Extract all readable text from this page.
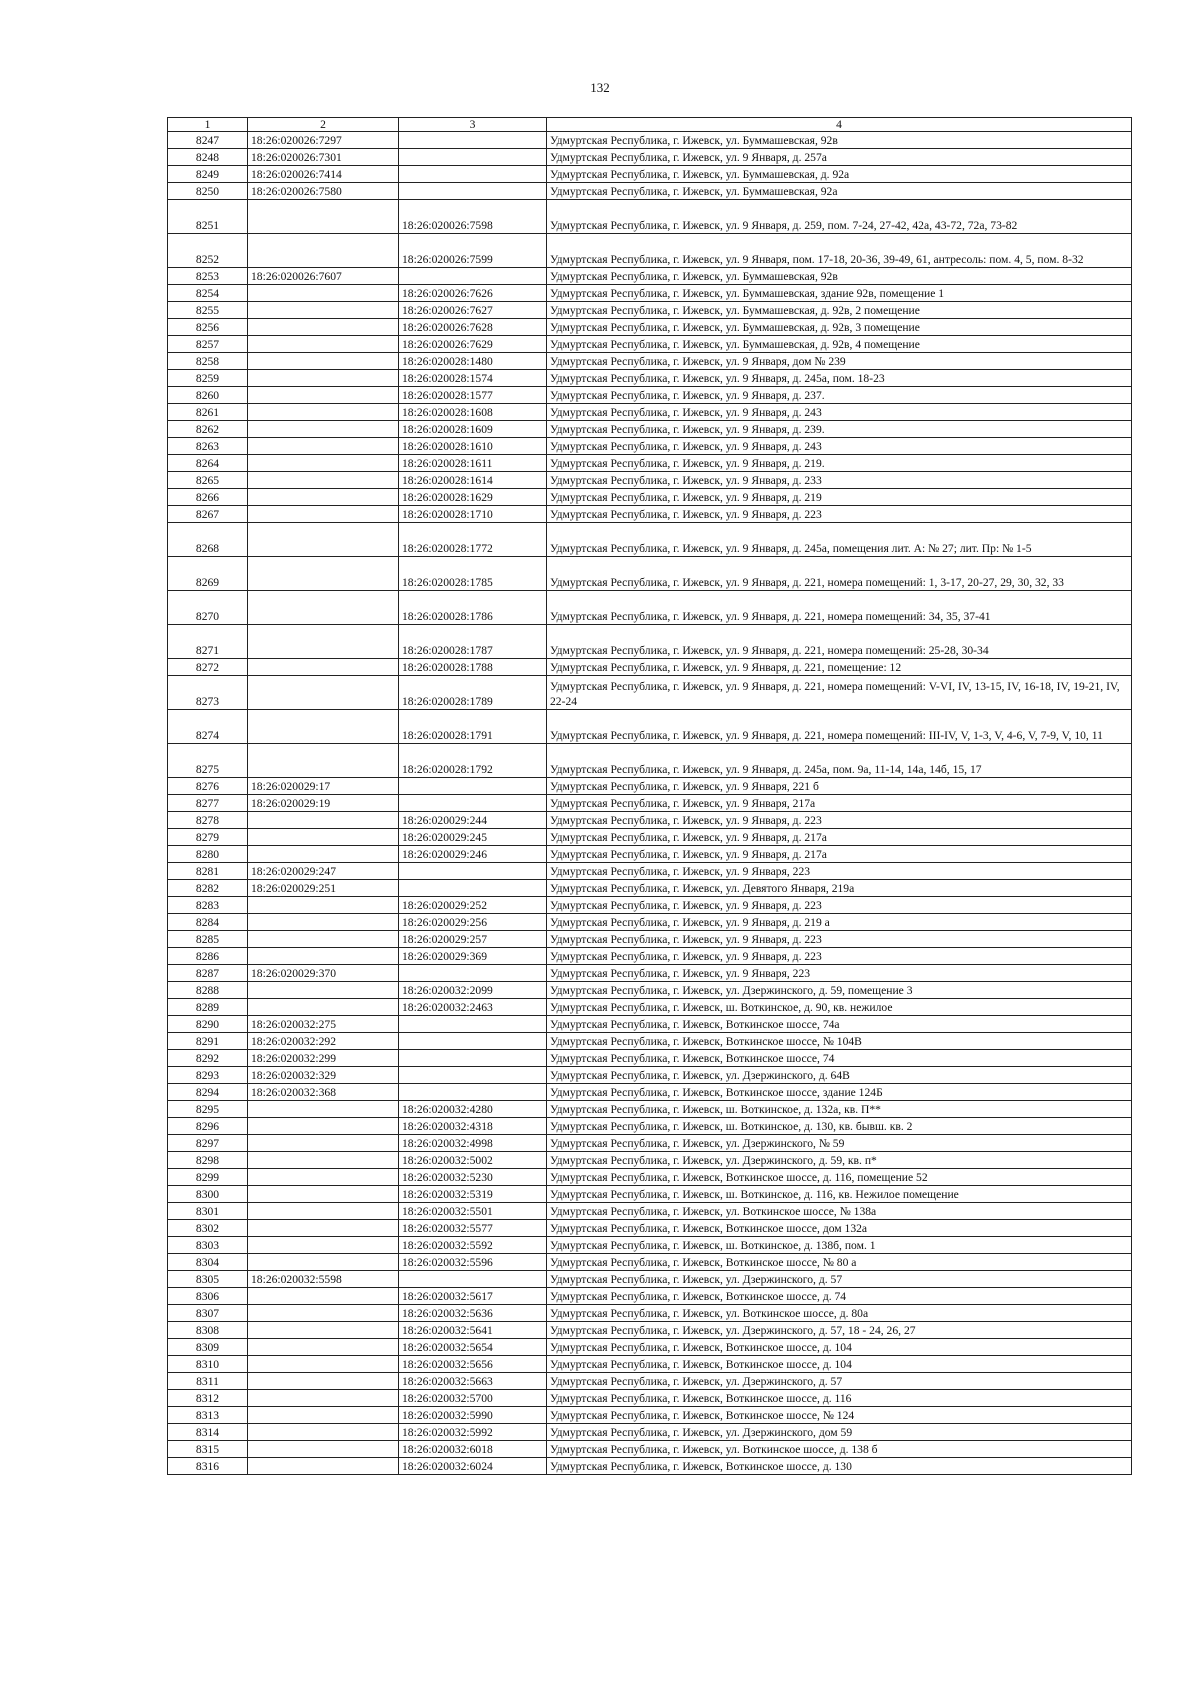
132
1	2	3	4
8247	18:26:020026:7297		Удмуртская Республика, г. Ижевск, ул. Буммашевская, 92в
8248	18:26:020026:7301		Удмуртская Республика, г. Ижевск, ул. 9 Января, д. 257а
8249	18:26:020026:7414		Удмуртская Республика, г. Ижевск, ул. Буммашевская, д. 92а
8250	18:26:020026:7580		Удмуртская Республика, г. Ижевск, ул. Буммашевская, 92а
8251		18:26:020026:7598	Удмуртская Республика, г. Ижевск, ул. 9 Января, д. 259, пом. 7-24, 27-42, 42а, 43-72, 72а, 73-82
8252		18:26:020026:7599	Удмуртская Республика, г. Ижевск, ул. 9 Января, пом. 17-18, 20-36, 39-49, 61, антресоль: пом. 4, 5, пом. 8-32
8253	18:26:020026:7607		Удмуртская Республика, г. Ижевск, ул. Буммашевская, 92в
8254		18:26:020026:7626	Удмуртская Республика, г. Ижевск, ул. Буммашевская, здание 92в, помещение 1
8255		18:26:020026:7627	Удмуртская Республика, г. Ижевск, ул. Буммашевская, д. 92в, 2 помещение
8256		18:26:020026:7628	Удмуртская Республика, г. Ижевск, ул. Буммашевская, д. 92в, 3 помещение
8257		18:26:020026:7629	Удмуртская Республика, г. Ижевск, ул. Буммашевская, д. 92в, 4 помещение
8258		18:26:020028:1480	Удмуртская Республика, г. Ижевск, ул. 9 Января, дом № 239
8259		18:26:020028:1574	Удмуртская Республика, г. Ижевск, ул. 9 Января, д. 245а, пом. 18-23
8260		18:26:020028:1577	Удмуртская Республика, г. Ижевск, ул. 9 Января, д. 237.
8261		18:26:020028:1608	Удмуртская Республика, г. Ижевск, ул. 9 Января, д. 243
8262		18:26:020028:1609	Удмуртская Республика, г. Ижевск, ул. 9 Января, д. 239.
8263		18:26:020028:1610	Удмуртская Республика, г. Ижевск, ул. 9 Января, д. 243
8264		18:26:020028:1611	Удмуртская Республика, г. Ижевск, ул. 9 Января, д. 219.
8265		18:26:020028:1614	Удмуртская Республика, г. Ижевск, ул. 9 Января, д. 233
8266		18:26:020028:1629	Удмуртская Республика, г. Ижевск, ул. 9 Января, д. 219
8267		18:26:020028:1710	Удмуртская Республика, г. Ижевск, ул. 9 Января, д. 223
8268		18:26:020028:1772	Удмуртская Республика, г. Ижевск, ул. 9 Января, д. 245а, помещения лит. А: № 27; лит. Пр: № 1-5
8269		18:26:020028:1785	Удмуртская Республика, г. Ижевск, ул. 9 Января, д. 221, номера помещений: 1, 3-17, 20-27, 29, 30, 32, 33
8270		18:26:020028:1786	Удмуртская Республика, г. Ижевск, ул. 9 Января, д. 221, номера помещений: 34, 35, 37-41
8271		18:26:020028:1787	Удмуртская Республика, г. Ижевск, ул. 9 Января, д. 221, номера помещений: 25-28, 30-34
8272		18:26:020028:1788	Удмуртская Республика, г. Ижевск, ул. 9 Января, д. 221, помещение: 12
8273		18:26:020028:1789	Удмуртская Республика, г. Ижевск, ул. 9 Января, д. 221, номера помещений: V-VI, IV, 13-15, IV, 16-18, IV, 19-21, IV, 22-24
8274		18:26:020028:1791	Удмуртская Республика, г. Ижевск, ул. 9 Января, д. 221, номера помещений: III-IV, V, 1-3, V, 4-6, V, 7-9, V, 10, 11
8275		18:26:020028:1792	Удмуртская Республика, г. Ижевск, ул. 9 Января, д. 245а, пом. 9а, 11-14, 14а, 14б, 15, 17
8276	18:26:020029:17		Удмуртская Республика, г. Ижевск, ул. 9 Января, 221 б
8277	18:26:020029:19		Удмуртская Республика, г. Ижевск, ул. 9 Января, 217а
8278		18:26:020029:244	Удмуртская Республика, г. Ижевск, ул. 9 Января, д. 223
8279		18:26:020029:245	Удмуртская Республика, г. Ижевск, ул. 9 Января, д. 217а
8280		18:26:020029:246	Удмуртская Республика, г. Ижевск, ул. 9 Января, д. 217а
8281	18:26:020029:247		Удмуртская Республика, г. Ижевск, ул. 9 Января, 223
8282	18:26:020029:251		Удмуртская Республика, г. Ижевск, ул. Девятого Января, 219а
8283		18:26:020029:252	Удмуртская Республика, г. Ижевск, ул. 9 Января, д. 223
8284		18:26:020029:256	Удмуртская Республика, г. Ижевск, ул. 9 Января, д. 219 а
8285		18:26:020029:257	Удмуртская Республика, г. Ижевск, ул. 9 Января, д. 223
8286		18:26:020029:369	Удмуртская Республика, г. Ижевск, ул. 9 Января, д. 223
8287	18:26:020029:370		Удмуртская Республика, г. Ижевск, ул. 9 Января, 223
8288		18:26:020032:2099	Удмуртская Республика, г. Ижевск, ул. Дзержинского, д. 59, помещение 3
8289		18:26:020032:2463	Удмуртская Республика, г. Ижевск, ш. Воткинское, д. 90, кв. нежилое
8290	18:26:020032:275		Удмуртская Республика, г. Ижевск, Воткинское шоссе, 74а
8291	18:26:020032:292		Удмуртская Республика, г. Ижевск, Воткинское шоссе, № 104В
8292	18:26:020032:299		Удмуртская Республика, г. Ижевск, Воткинское шоссе, 74
8293	18:26:020032:329		Удмуртская Республика, г. Ижевск, ул. Дзержинского, д. 64В
8294	18:26:020032:368		Удмуртская Республика, г. Ижевск, Воткинское шоссе, здание 124Б
8295		18:26:020032:4280	Удмуртская Республика, г. Ижевск, ш. Воткинское, д. 132а, кв. П**
8296		18:26:020032:4318	Удмуртская Республика, г. Ижевск, ш. Воткинское, д. 130, кв. бывш. кв. 2
8297		18:26:020032:4998	Удмуртская Республика, г. Ижевск, ул. Дзержинского, № 59
8298		18:26:020032:5002	Удмуртская Республика, г. Ижевск, ул. Дзержинского, д. 59, кв. п*
8299		18:26:020032:5230	Удмуртская Республика, г. Ижевск, Воткинское шоссе, д. 116, помещение 52
8300		18:26:020032:5319	Удмуртская Республика, г. Ижевск, ш. Воткинское, д. 116, кв. Нежилое помещение
8301		18:26:020032:5501	Удмуртская Республика, г. Ижевск, ул. Воткинское шоссе, № 138а
8302		18:26:020032:5577	Удмуртская Республика, г. Ижевск, Воткинское шоссе, дом 132а
8303		18:26:020032:5592	Удмуртская Республика, г. Ижевск, ш. Воткинское, д. 138б, пом. 1
8304		18:26:020032:5596	Удмуртская Республика, г. Ижевск, Воткинское шоссе, № 80 а
8305	18:26:020032:5598		Удмуртская Республика, г. Ижевск, ул. Дзержинского, д. 57
8306		18:26:020032:5617	Удмуртская Республика, г. Ижевск, Воткинское шоссе, д. 74
8307		18:26:020032:5636	Удмуртская Республика, г. Ижевск, ул. Воткинское шоссе, д. 80а
8308		18:26:020032:5641	Удмуртская Республика, г. Ижевск, ул. Дзержинского, д. 57, 18 - 24, 26, 27
8309		18:26:020032:5654	Удмуртская Республика, г. Ижевск, Воткинское шоссе, д. 104
8310		18:26:020032:5656	Удмуртская Республика, г. Ижевск, Воткинское шоссе, д. 104
8311		18:26:020032:5663	Удмуртская Республика, г. Ижевск, ул. Дзержинского, д. 57
8312		18:26:020032:5700	Удмуртская Республика, г. Ижевск, Воткинское шоссе, д. 116
8313		18:26:020032:5990	Удмуртская Республика, г. Ижевск, Воткинское шоссе, № 124
8314		18:26:020032:5992	Удмуртская Республика, г. Ижевск, ул. Дзержинского, дом 59
8315		18:26:020032:6018	Удмуртская Республика, г. Ижевск, ул. Воткинское шоссе, д. 138 б
8316		18:26:020032:6024	Удмуртская Республика, г. Ижевск, Воткинское шоссе, д. 130
